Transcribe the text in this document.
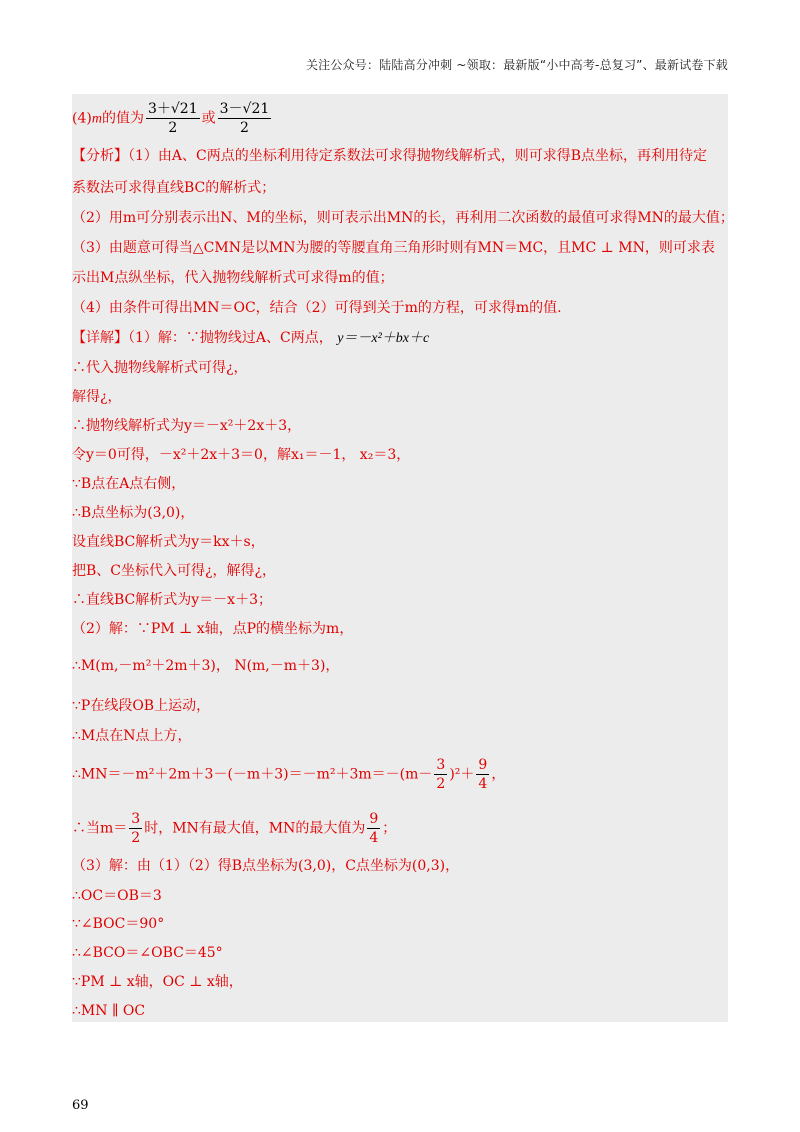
关注公众号：陆陆高分冲刺 ~领取：最新版“小中高考-总复习”、最新试卷下载
(4)m的值为 $\frac{3+√21}{2}$ 或 $\frac{3-√21}{2}$
【分析】（1）由A、C两点的坐标利用待定系数法可求得抛物线解析式，则可求得B点坐标，再利用待定
系数法可求得直线BC的解析式；
（2）用m可分别表示出N、M的坐标，则可表示出MN的长，再利用二次函数的最值可求得MN的最大值；
（3）由题意可得当△CMN是以MN为腰的等腰直角三角形时则有MN＝MC，且MC ⊥ MN，则可求表
示出M点纵坐标，代入抛物线解析式可求得m的值；
（4）由条件可得出MN＝OC，结合（2）可得到关于m的方程，可求得m的值.
【详解】（1）解：∵抛物线过A、C两点， y＝－x²＋bx＋c
∴代入抛物线解析式可得¿，
解得¿，
∴抛物线解析式为y＝－x²＋2x＋3，
令y＝0可得，－x²＋2x＋3＝0，解x₁＝－1， x₂＝3，
∵B点在A点右侧，
∴B点坐标为(3,0)，
设直线BC解析式为y＝kx＋s，
把B、C坐标代入可得¿，解得¿，
∴直线BC解析式为y＝－x＋3；
（2）解：∵PM ⊥ x轴，点P的横坐标为m，
∴M(m,－m²＋2m＋3)， N(m,－m＋3)，
∵P在线段OB上运动，
∴M点在N点上方，
∴MN＝－m²＋2m＋3－(－m＋3)＝－m²＋3m＝－(m－ $\frac{3}{2} )^2+ \frac{9}{4}$ ，
∴当$m= \frac{3}{2}$ 时，MN有最大值，MN的最大值为 $\frac{9}{4}$ ；
（3）解：由（1）（2）得B点坐标为(3,0)，C点坐标为(0,3)，
∴OC＝OB＝3
∵∠BOC＝90°
∴∠BCO＝∠OBC＝45°
∵PM ⊥ x轴，OC ⊥ x轴，
∴MN ∥ OC
69
